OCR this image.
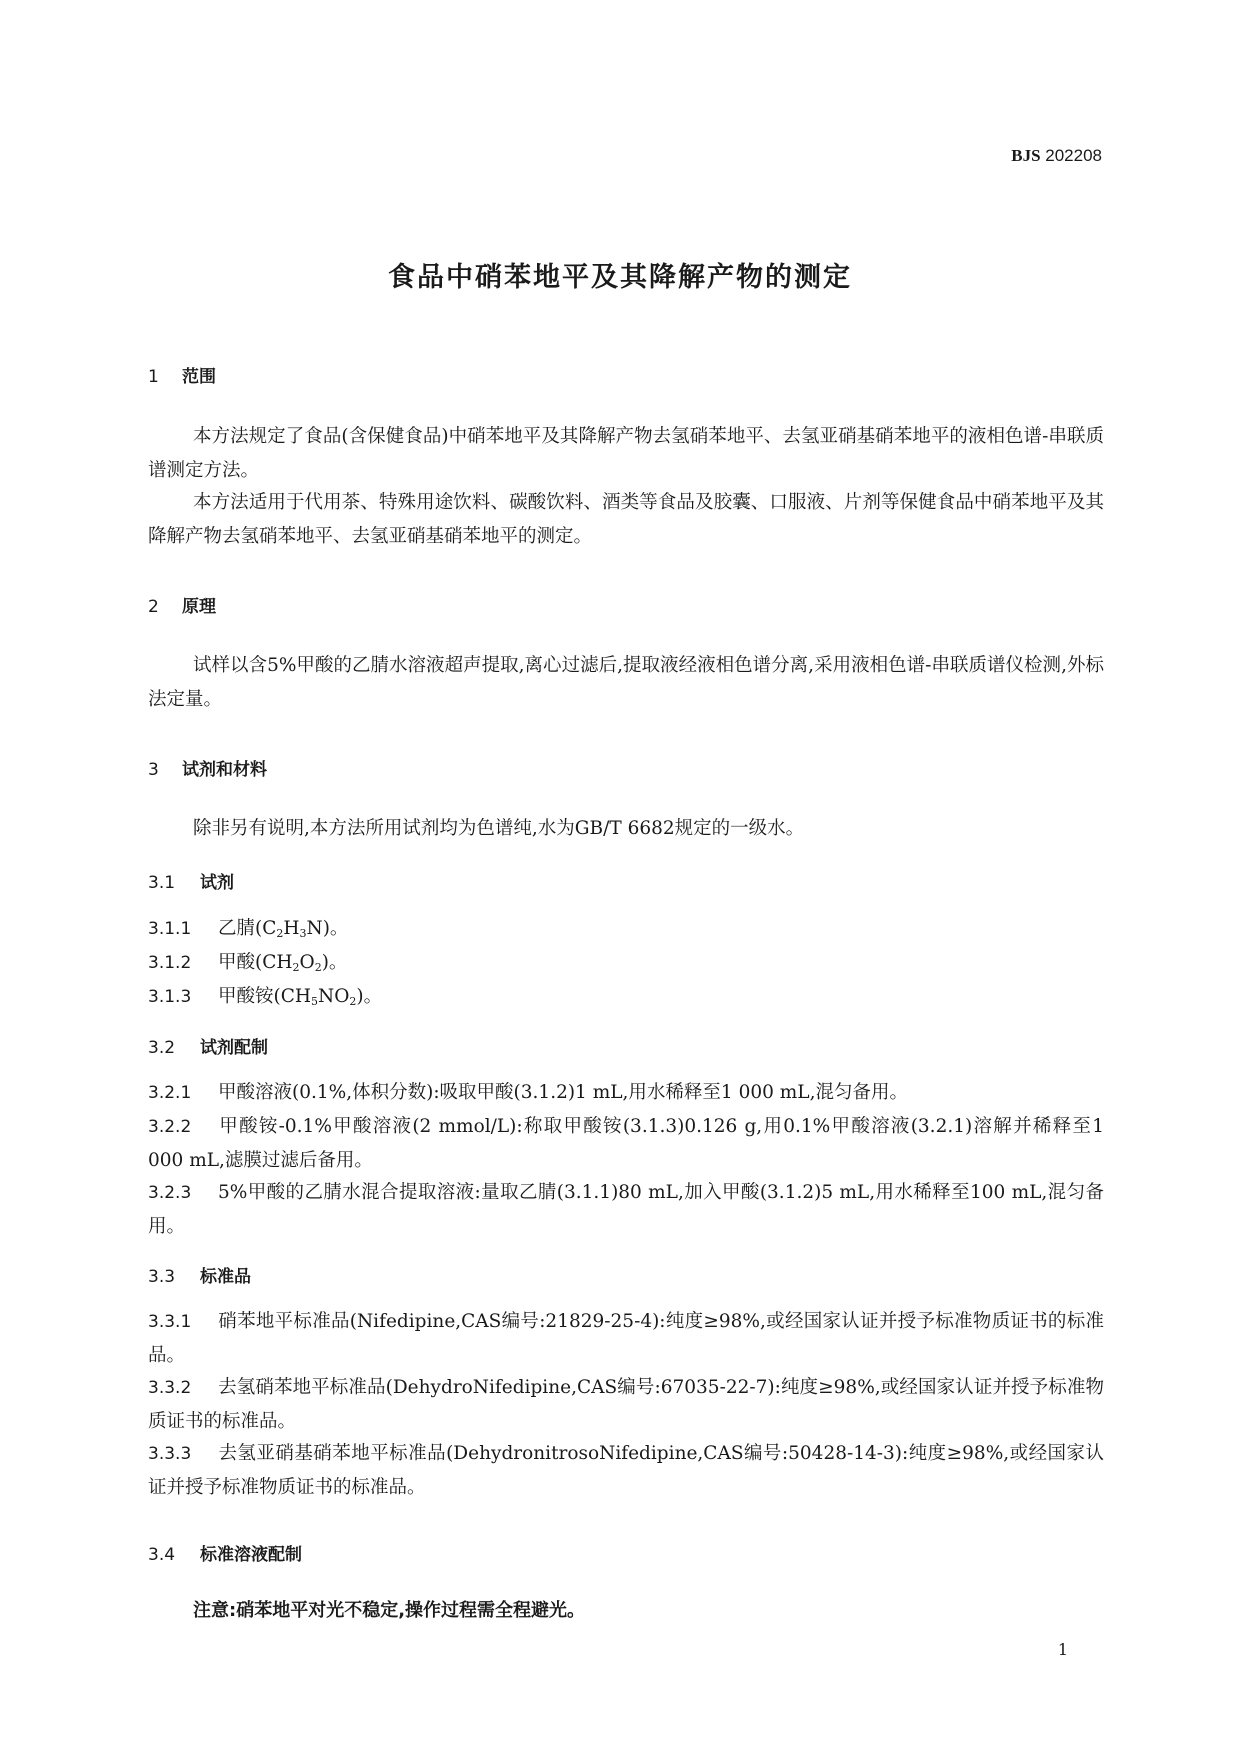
BJS 202208
食品中硝苯地平及其降解产物的测定
1 范围
本方法规定了食品(含保健食品)中硝苯地平及其降解产物去氢硝苯地平、去氢亚硝基硝苯地平的液相色谱-串联质谱测定方法。
本方法适用于代用茶、特殊用途饮料、碳酸饮料、酒类等食品及胶囊、口服液、片剂等保健食品中硝苯地平及其降解产物去氢硝苯地平、去氢亚硝基硝苯地平的测定。
2 原理
试样以含5%甲酸的乙腈水溶液超声提取,离心过滤后,提取液经液相色谱分离,采用液相色谱-串联质谱仪检测,外标法定量。
3 试剂和材料
除非另有说明,本方法所用试剂均为色谱纯,水为GB/T 6682规定的一级水。
3.1 试剂
3.1.1 乙腈$(C_2H_3N)$。
3.1.2 甲酸$(CH_2O_2)$。
3.1.3 甲酸铵$(CH_5NO_2)$。
3.2 试剂配制
3.2.1 甲酸溶液(0.1%,体积分数):吸取甲酸(3.1.2)1 mL,用水稀释至1 000 mL,混匀备用。
3.2.2 甲酸铵-0.1%甲酸溶液(2 mmol/L):称取甲酸铵(3.1.3)0.126 g,用0.1%甲酸溶液(3.2.1)溶解并稀释至1 000 mL,滤膜过滤后备用。
3.2.3 5%甲酸的乙腈水混合提取溶液:量取乙腈(3.1.1)80 mL,加入甲酸(3.1.2)5 mL,用水稀释至100 mL,混匀备用。
3.3 标准品
3.3.1 硝苯地平标准品(Nifedipine,CAS编号:21829-25-4):纯度≥98%,或经国家认证并授予标准物质证书的标准品。
3.3.2 去氢硝苯地平标准品(DehydroNifedipine,CAS编号:67035-22-7):纯度≥98%,或经国家认证并授予标准物质证书的标准品。
3.3.3 去氢亚硝基硝苯地平标准品(DehydronitrosoNifedipine,CAS编号:50428-14-3):纯度≥98%,或经国家认证并授予标准物质证书的标准品。
3.4 标准溶液配制
注意:硝苯地平对光不稳定,操作过程需全程避光。
1
